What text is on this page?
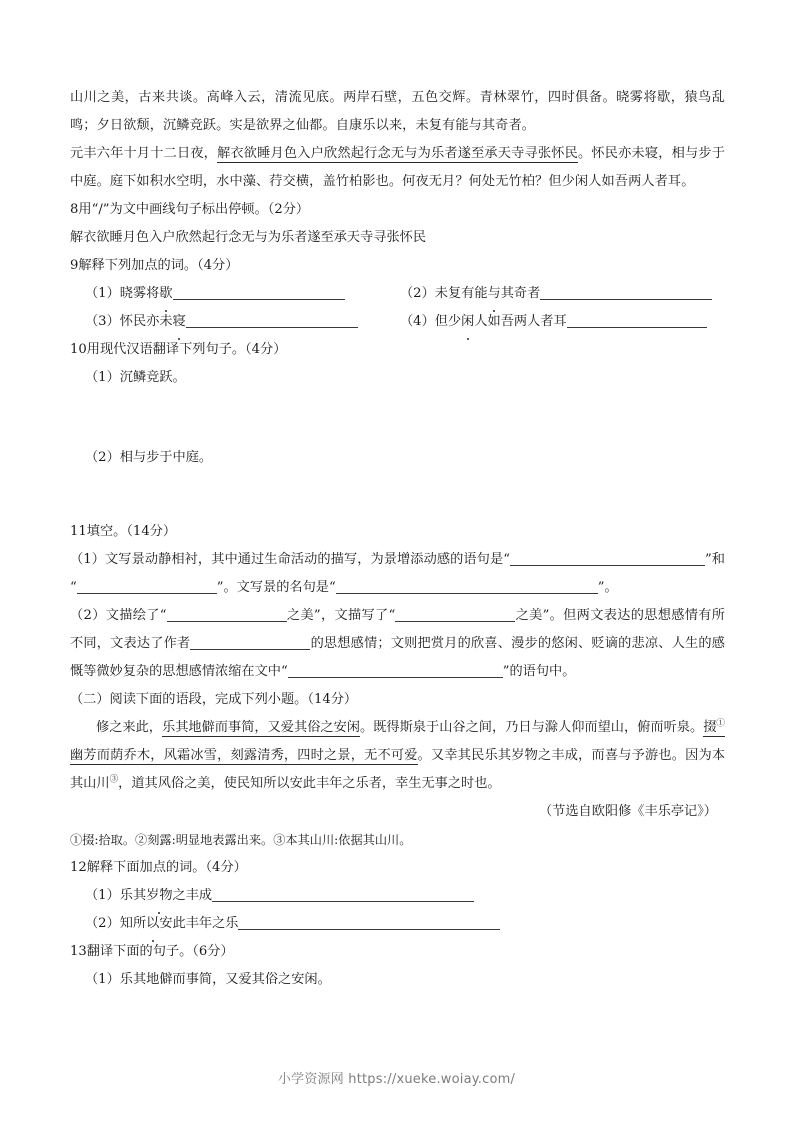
山川之美，古来共谈。高峰入云，清流见底。两岸石壁，五色交辉。青林翠竹，四时俱备。晓雾将歇，猿鸟乱鸣；夕日欲颓，沉鳞竞跃。实是欲界之仙都。自康乐以来，未复有能与其奇者。

元丰六年十月十二日夜，解衣欲睡月色入户欣然起行念无与为乐者遂至承天寺寻张怀民。怀民亦未寝，相与步于中庭。庭下如积水空明，水中藻、荇交横，盖竹柏影也。何夜无月？何处无竹柏？但少闲人如吾两人者耳。

8用“/”为文中画线句子标出停顿。（2分）

解衣欲睡月色入户欣然起行念无与为乐者遂至承天寺寻张怀民

9解释下列加点的词。（4分）

（1）晓雾将歇	（2）未复有能与其奇者
（3）怀民亦未寝	（4）但少闲人如吾两人者耳

10用现代汉语翻译下列句子。（4分）

（1）沉鳞竞跃。

（2）相与步于中庭。

11填空。（14分）

（1）文写景动静相衬，其中通过生命活动的描写，为景增添动感的语句是“	”和“	”。文写景的名句是“	”。

（2）文描绘了“	之美”，文描写了“	之美”。但两文表达的思想感情有所不同，文表达了作者	的思想感情；文则把赏月的欣喜、漫步的悠闲、贬谪的悲凉、人生的感慨等微妙复杂的思想感情浓缩在文中“	”的语句中。

（二）阅读下面的语段，完成下列小题。（14分）

修之来此，乐其地僻而事简，又爱其俗之安闲。既得斯泉于山谷之间，乃日与滁人仰而望山，俯而听泉。掇①幽芳而荫乔木，风霜冰雪，刻露清秀，四时之景，无不可爱。又幸其民乐其岁物之丰成，而喜与予游也。因为本其山川③，道其风俗之美，使民知所以安此丰年之乐者，幸生无事之时也。

（节选自欧阳修《丰乐亭记》）

①掇:拾取。②刻露:明显地表露出来。③本其山川:依据其山川。

12解释下面加点的词。（4分）

（1）乐其岁物之丰成

（2）知所以安此丰年之乐

13翻译下面的句子。（6分）

（1）乐其地僻而事简，又爱其俗之安闲。

小学资源网 https://xueke.woiay.com/
